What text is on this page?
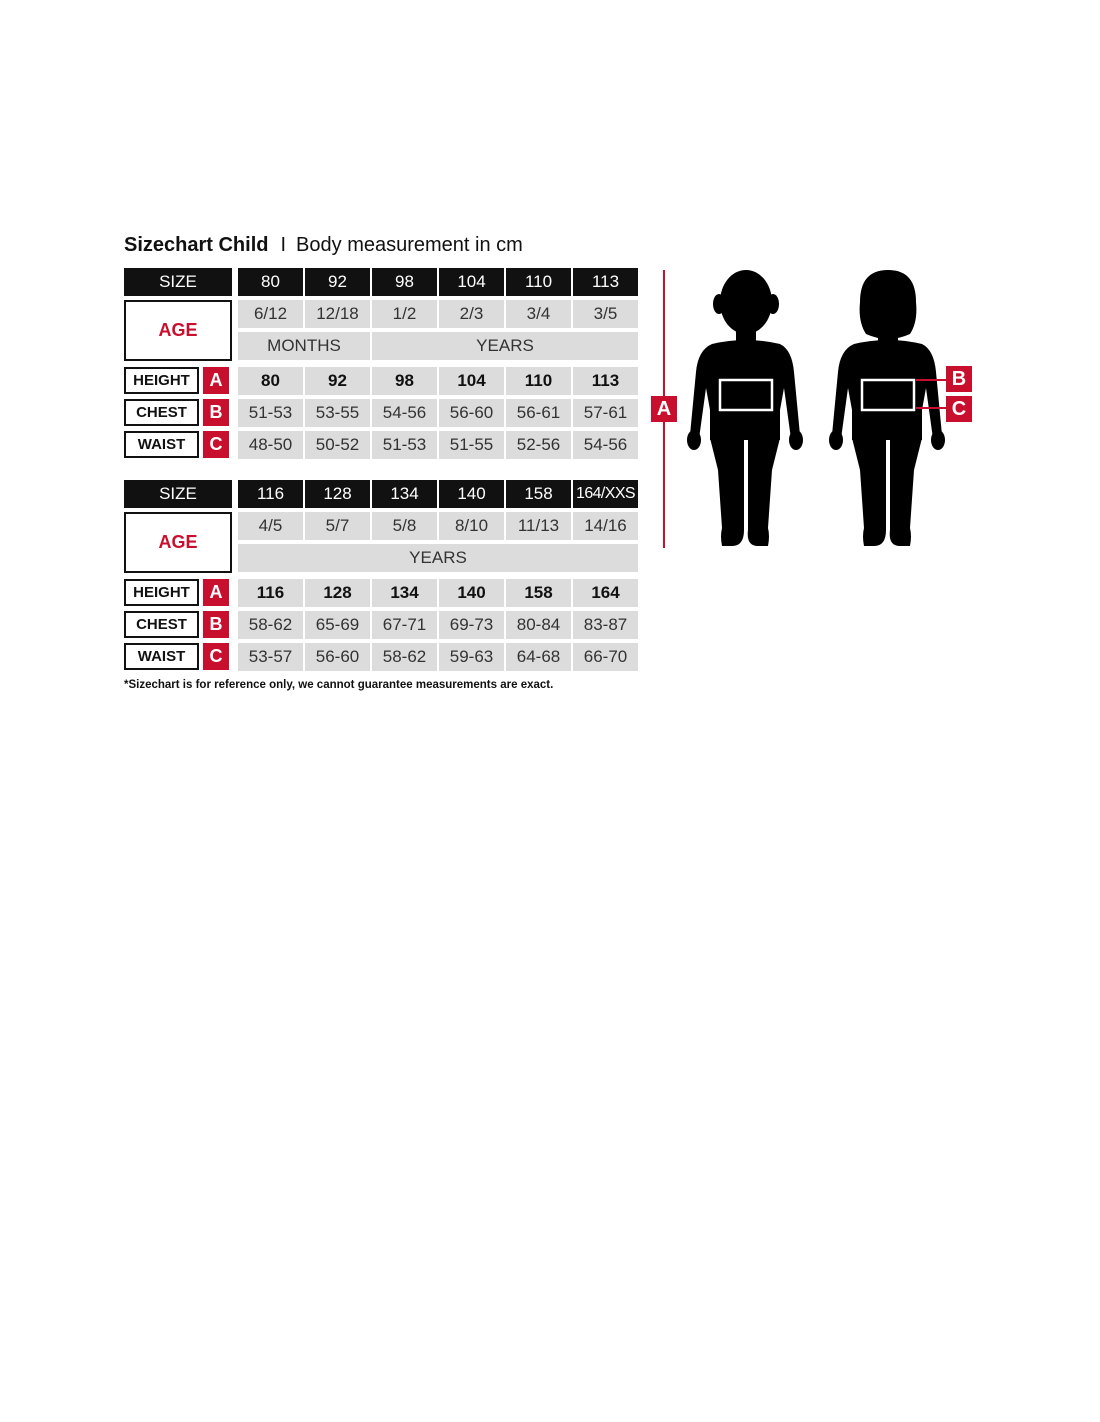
Sizechart Child I Body measurement in cm
SIZE	80	92	98	104	110	113
AGE
6/12	12/18	1/2	2/3	3/4	3/5
MONTHS	YEARS
HEIGHT	A	80	92	98	104	110	113
CHEST	B	51-53	53-55	54-56	56-60	56-61	57-61
WAIST	C	48-50	50-52	51-53	51-55	52-56	54-56
SIZE	116	128	134	140	158	164/XXS
AGE
4/5	5/7	5/8	8/10	11/13	14/16
YEARS
HEIGHT	A	116	128	134	140	158	164
CHEST	B	58-62	65-69	67-71	69-73	80-84	83-87
WAIST	C	53-57	56-60	58-62	59-63	64-68	66-70
*Sizechart is for reference only, we cannot guarantee measurements are exact.
A
B
C
